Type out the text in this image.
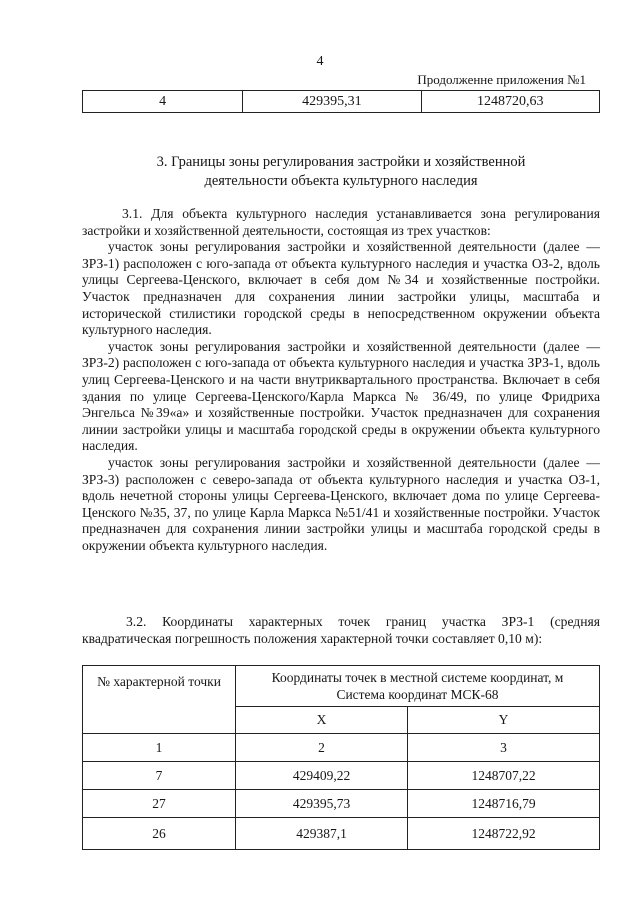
4
Продолженне приложения №1
4	429395,31	1248720,63
3. Границы зоны регулирования застройки и хозяйственной
деятельности объекта культурного наследия

3.1. Для объекта культурного наследия устанавливается зона регулирования застройки и хозяйственной деятельности, состоящая из трех участков:

участок зоны регулирования застройки и хозяйственной деятельности (далее — ЗРЗ-1) расположен с юго-запада от объекта культурного наследия и участка ОЗ-2, вдоль улицы Сергеева-Ценского, включает в себя дом №34 и хозяйственные постройки. Участок предназначен для сохранения линии застройки улицы, масштаба и исторической стилистики городской среды в непосредственном окружении объекта культурного наследия.

участок зоны регулирования застройки и хозяйственной деятельности (далее — ЗРЗ-2) расположен с юго-запада от объекта культурного наследия и участка ЗРЗ-1, вдоль улиц Сергеева-Ценского и на части внутриквартального пространства. Включает в себя здания по улице Сергеева-Ценского/Карла Маркса № 36/49, по улице Фридриха Энгельса №39«а» и хозяйственные постройки. Участок предназначен для сохранения линии застройки улицы и масштаба городской среды в окружении объекта культурного наследия.

участок зоны регулирования застройки и хозяйственной деятельности (далее — ЗРЗ-3) расположен с северо-запада от объекта культурного наследия и участка ОЗ-1, вдоль нечетной стороны улицы Сергеева-Ценского, включает дома по улице Сергеева-Ценского №35, 37, по улице Карла Маркса №51/41 и хозяйственные постройки. Участок предназначен для сохранения линии застройки улицы и масштаба городской среды в окружении объекта культурного наследия.

3.2. Координаты характерных точек границ участка ЗРЗ-1 (средняя квадратическая погрешность положения характерной точки составляет 0,10 м):

№ характерной точки	Координаты точек в местной системе координат, м
Система координат МСК-68	

	X	Y
1	2	3
7	429409,22	1248707,22
27	429395,73	1248716,79
26	429387,1	1248722,92
